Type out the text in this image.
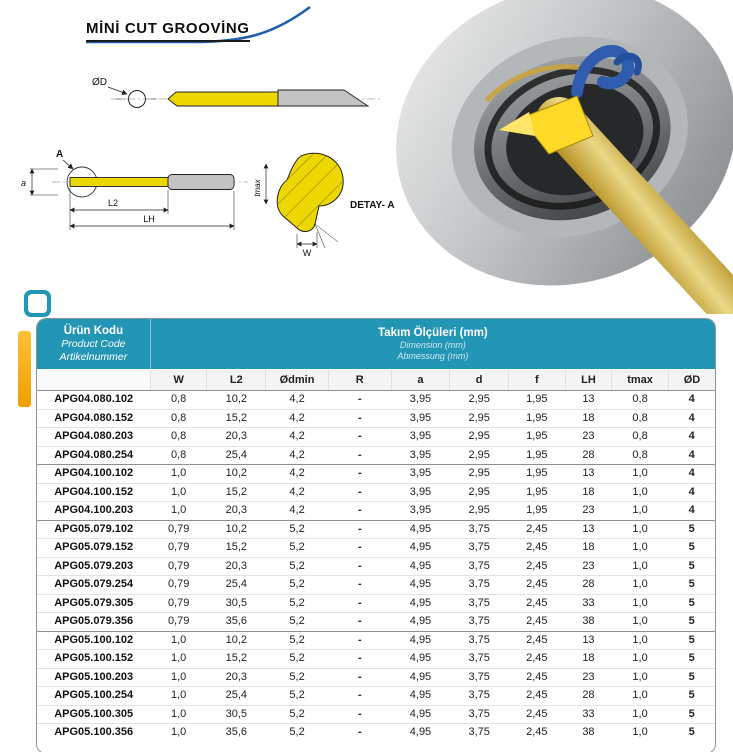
MİNİ CUT GROOVİNG
ØD
a
A
L2
LH
tmax
W
DETAY- A
Ürün Kodu
Product Code
Artikelnummer

Takım Ölçüleri (mm)
Dimension (mm)
Abmessung (mm)

	W	L2	Ødmin	R	a	d	f	LH	tmax	ØD
APG04.080.102	0,8	10,2	4,2	-	3,95	2,95	1,95	13	0,8	4
APG04.080.152	0,8	15,2	4,2	-	3,95	2,95	1,95	18	0,8	4
APG04.080.203	0,8	20,3	4,2	-	3,95	2,95	1,95	23	0,8	4
APG04.080.254	0,8	25,4	4,2	-	3,95	2,95	1,95	28	0,8	4
APG04.100.102	1,0	10,2	4,2	-	3,95	2,95	1,95	13	1,0	4
APG04.100.152	1,0	15,2	4,2	-	3,95	2,95	1,95	18	1,0	4
APG04.100.203	1,0	20,3	4,2	-	3,95	2,95	1,95	23	1,0	4
APG05.079.102	0,79	10,2	5,2	-	4,95	3,75	2,45	13	1,0	5
APG05.079.152	0,79	15,2	5,2	-	4,95	3,75	2,45	18	1,0	5
APG05.079.203	0,79	20,3	5,2	-	4,95	3,75	2,45	23	1,0	5
APG05.079.254	0,79	25,4	5,2	-	4,95	3,75	2,45	28	1,0	5
APG05.079.305	0,79	30,5	5,2	-	4,95	3,75	2,45	33	1,0	5
APG05.079.356	0,79	35,6	5,2	-	4,95	3,75	2,45	38	1,0	5
APG05.100.102	1,0	10,2	5,2	-	4,95	3,75	2,45	13	1,0	5
APG05.100.152	1,0	15,2	5,2	-	4,95	3,75	2,45	18	1,0	5
APG05.100.203	1,0	20,3	5,2	-	4,95	3,75	2,45	23	1,0	5
APG05.100.254	1,0	25,4	5,2	-	4,95	3,75	2,45	28	1,0	5
APG05.100.305	1,0	30,5	5,2	-	4,95	3,75	2,45	33	1,0	5
APG05.100.356	1,0	35,6	5,2	-	4,95	3,75	2,45	38	1,0	5
